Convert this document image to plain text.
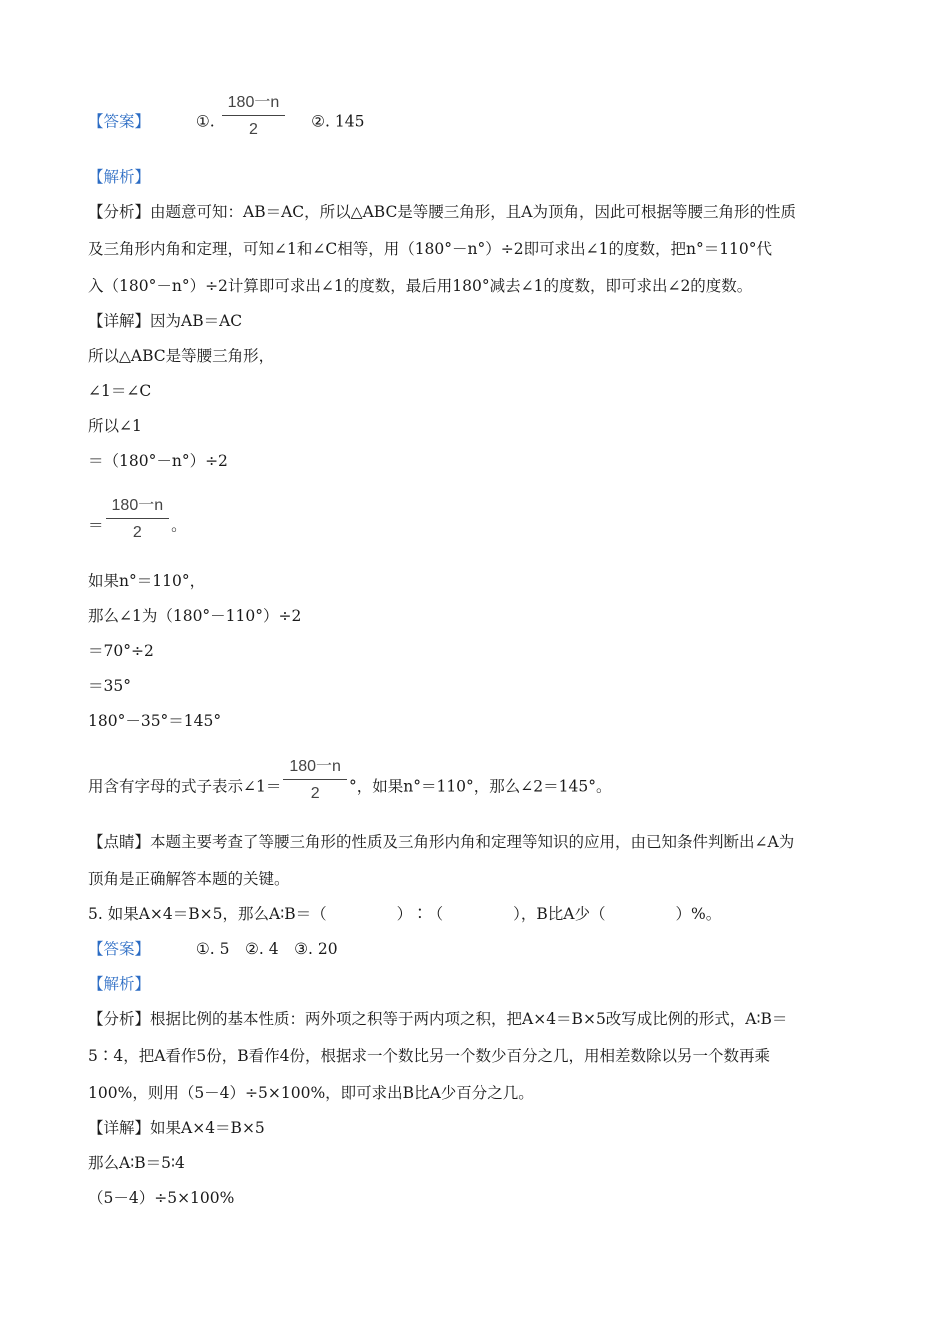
【答案】	①. $\frac{\text{180一n}}{2}$ ②. 145
【解析】
【分析】由题意可知：AB＝AC，所以△ABC是等腰三角形，且A为顶角，因此可根据等腰三角形的性质
及三角形内角和定理，可知∠1和∠C相等，用（180°－n°）÷2即可求出∠1的度数，把n°＝110°代
入（180°－n°）÷2计算即可求出∠1的度数，最后用180°减去∠1的度数，即可求出∠2的度数。
【详解】因为AB＝AC
所以△ABC是等腰三角形，
∠1＝∠C
所以∠1
＝（180°－n°）÷2
＝ $\frac{\text{180一n}}{2}$ 。
如果n°＝110°，
那么∠1为（180°－110°）÷2
＝70°÷2
＝35°
180°－35°＝145°
用含有字母的式子表示∠1＝ $\frac{\text{180一n}}{2}$ °，如果n°＝110°，那么∠2＝145°。
【点睛】本题主要考查了等腰三角形的性质及三角形内角和定理等知识的应用，由已知条件判断出∠A为
顶角是正确解答本题的关键。
5. 如果A×4＝B×5，那么A∶B＝（	）∶（	），B比A少（	）%。
【答案】	①. 5　②. 4　③. 20
【解析】
【分析】根据比例的基本性质：两外项之积等于两内项之积，把A×4＝B×5改写成比例的形式，A∶B＝
5∶4，把A看作5份，B看作4份，根据求一个数比另一个数少百分之几，用相差数除以另一个数再乘
100%，则用（5－4）÷5×100%，即可求出B比A少百分之几。
【详解】如果A×4＝B×5
那么A∶B＝5∶4
（5－4）÷5×100%
